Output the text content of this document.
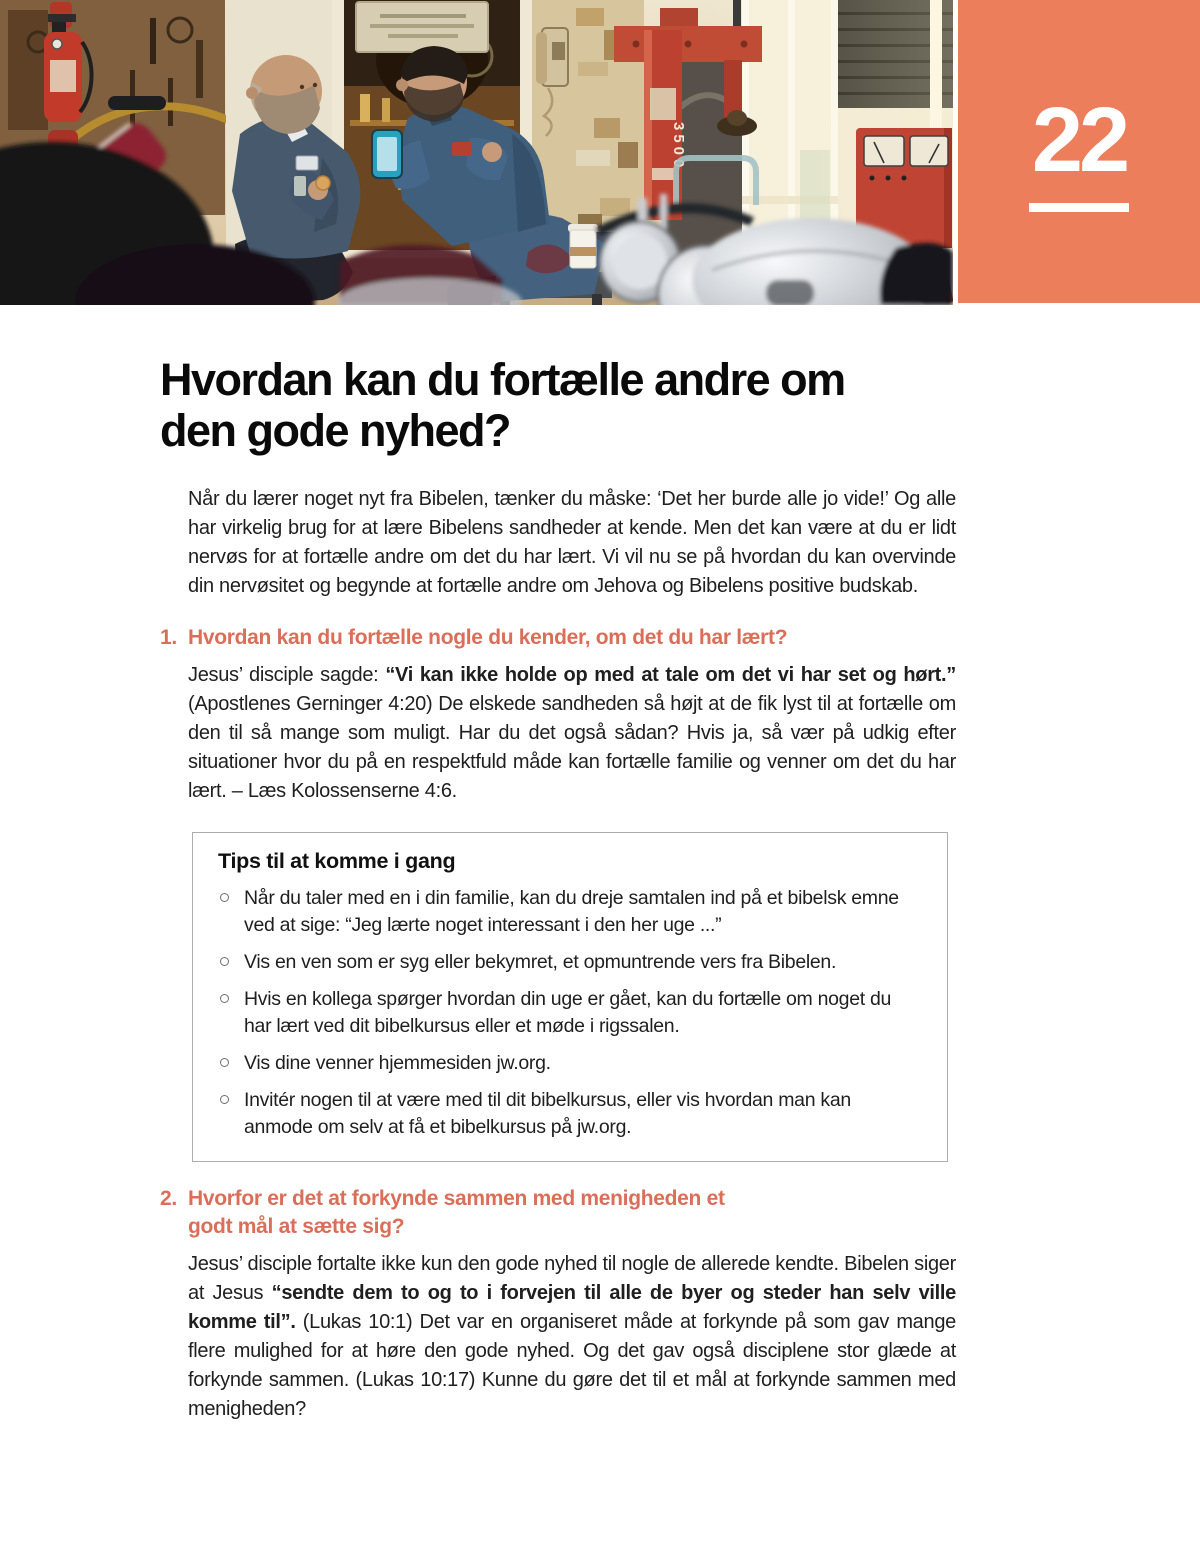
3500	22
Hvordan kan du fortælle andre om den gode nyhed?

Når du lærer noget nyt fra Bibelen, tænker du måske: ‘Det her burde alle jo vide!’ Og alle har virkelig brug for at lære Bibelens sandheder at kende. Men det kan være at du er lidt nervøs for at fortælle andre om det du har lært. Vi vil nu se på hvordan du kan overvinde din nervøsitet og begynde at fortælle andre om Jehova og Bibelens positive budskab.

1. Hvordan kan du fortælle nogle du kender, om det du har lært?

Jesus’ disciple sagde: “Vi kan ikke holde op med at tale om det vi har set og hørt.” (Apostlenes Gerninger 4:20) De elskede sandheden så højt at de fik lyst til at fortælle om den til så mange som muligt. Har du det også sådan? Hvis ja, så vær på udkig efter situationer hvor du på en respektfuld måde kan fortælle familie og venner om det du har lært. – Læs Kolossenserne 4:6.

Tips til at komme i gang
Når du taler med en i din familie, kan du dreje samtalen ind på et bibelsk emne ved at sige: “Jeg lærte noget interessant i den her uge ...”
Vis en ven som er syg eller bekymret, et opmuntrende vers fra Bibelen.
Hvis en kollega spørger hvordan din uge er gået, kan du fortælle om noget du har lært ved dit bibelkursus eller et møde i rigssalen.
Vis dine venner hjemmesiden jw.org.
Invitér nogen til at være med til dit bibelkursus, eller vis hvordan man kan anmode om selv at få et bibelkursus på jw.org.
2. Hvorfor er det at forkynde sammen med menigheden et godt mål at sætte sig?

Jesus’ disciple fortalte ikke kun den gode nyhed til nogle de allerede kendte. Bibelen siger at Jesus “sendte dem to og to i forvejen til alle de byer og steder han selv ville komme til”. (Lukas 10:1) Det var en organiseret måde at forkynde på som gav mange flere mulighed for at høre den gode nyhed. Og det gav også disciplene stor glæde at forkynde sammen. (Lukas 10:17) Kunne du gøre det til et mål at forkynde sammen med menigheden?
